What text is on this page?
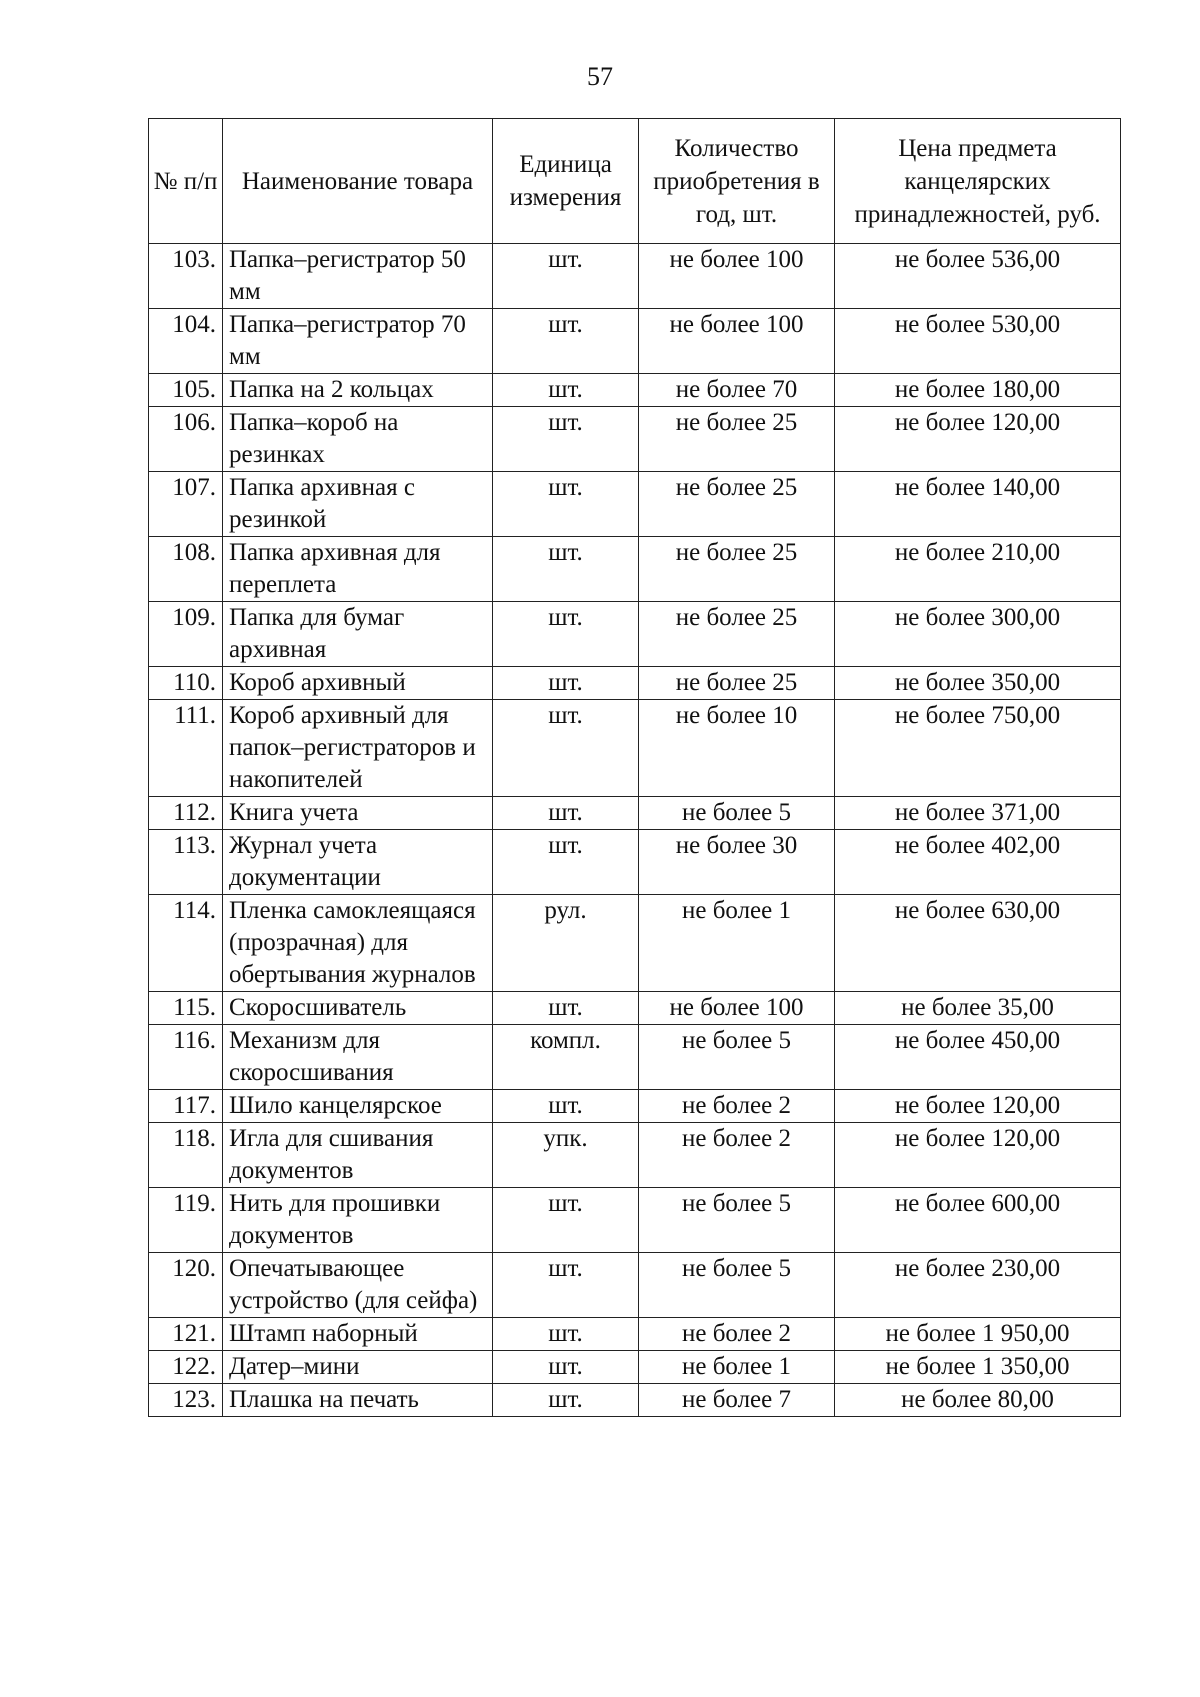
57
№ п/п	Наименование товара	Единица измерения	Количество приобретения в год, шт.	Цена предмета канцелярских принадлежностей, руб.
103.	Папка–регистратор 50 мм	шт.	не более 100	не более 536,00
104.	Папка–регистратор 70 мм	шт.	не более 100	не более 530,00
105.	Папка на 2 кольцах	шт.	не более 70	не более 180,00
106.	Папка–короб на резинках	шт.	не более 25	не более 120,00
107.	Папка архивная с резинкой	шт.	не более 25	не более 140,00
108.	Папка архивная для переплета	шт.	не более 25	не более 210,00
109.	Папка для бумаг архивная	шт.	не более 25	не более 300,00
110.	Короб архивный	шт.	не более 25	не более 350,00
111.	Короб архивный для папок–регистраторов и накопителей	шт.	не более 10	не более 750,00
112.	Книга учета	шт.	не более 5	не более 371,00
113.	Журнал учета документации	шт.	не более 30	не более 402,00
114.	Пленка самоклеящаяся (прозрачная) для обертывания журналов	рул.	не более 1	не более 630,00
115.	Скоросшиватель	шт.	не более 100	не более 35,00
116.	Механизм для скоросшивания	компл.	не более 5	не более 450,00
117.	Шило канцелярское	шт.	не более 2	не более 120,00
118.	Игла для сшивания документов	упк.	не более 2	не более 120,00
119.	Нить для прошивки документов	шт.	не более 5	не более 600,00
120.	Опечатывающее устройство (для сейфа)	шт.	не более 5	не более 230,00
121.	Штамп наборный	шт.	не более 2	не более 1 950,00
122.	Датер–мини	шт.	не более 1	не более 1 350,00
123.	Плашка на печать	шт.	не более 7	не более 80,00
